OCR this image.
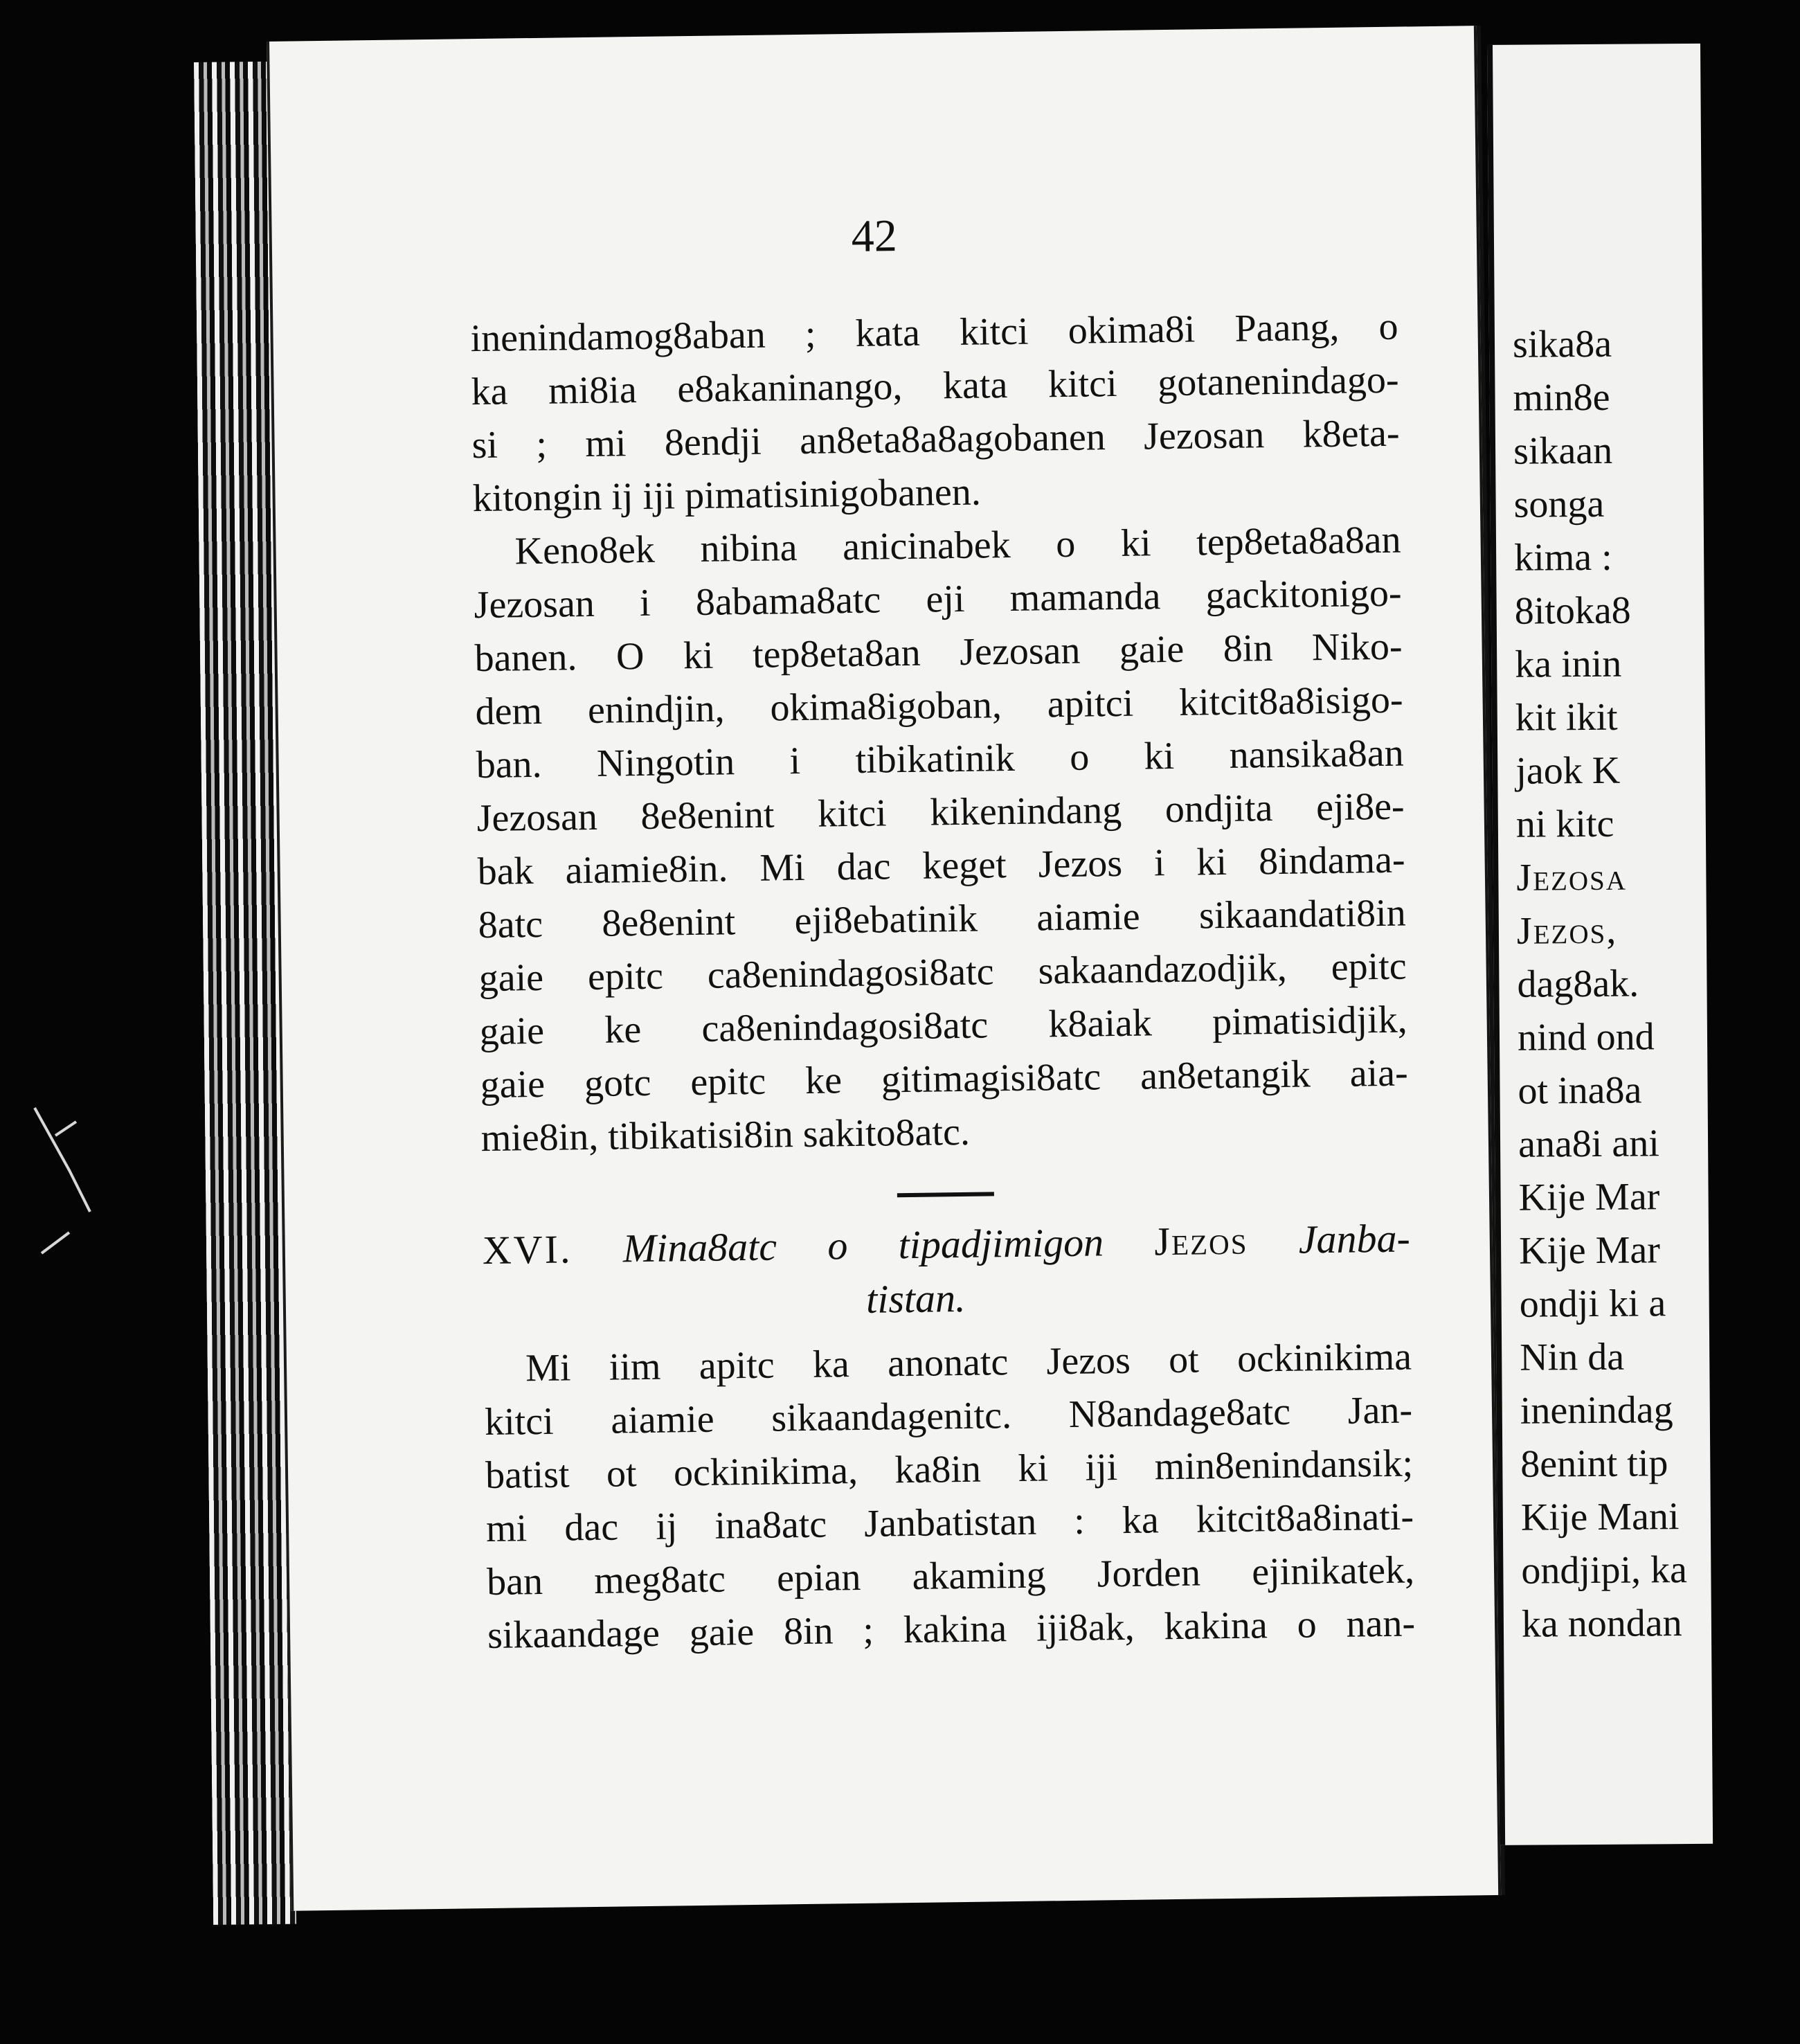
42

inenindamog8aban ; kata kitci okima8i Paang, o
ka mi8ia e8akaninango, kata kitci gotanenindago-
si ; mi 8endji an8eta8a8agobanen Jezosan k8eta-
kitongin ij iji pimatisinigobanen.

Keno8ek nibina anicinabek o ki tep8eta8a8an
Jezosan i 8abama8atc eji mamanda gackitonigo-
banen. O ki tep8eta8an Jezosan gaie 8in Niko-
dem enindjin, okima8igoban, apitci kitcit8a8isigo-
ban. Ningotin i tibikatinik o ki nansika8an
Jezosan 8e8enint kitci kikenindang ondjita eji8e-
bak aiamie8in. Mi dac keget Jezos i ki 8indama-
8atc 8e8enint eji8ebatinik aiamie sikaandati8in
gaie epitc ca8enindagosi8atc sakaandazodjik, epitc
gaie ke ca8enindagosi8atc k8aiak pimatisidjik,
gaie gotc epitc ke gitimagisi8atc an8etangik aia-
mie8in, tibikatisi8in sakito8atc.

XVI. Mina8atc o tipadjimigon Jezos Janba-
tistan.

Mi iim apitc ka anonatc Jezos ot ockinikima
kitci aiamie sikaandagenitc. N8andage8atc Jan-
batist ot ockinikima, ka8in ki iji min8enindansik;
mi dac ij ina8atc Janbatistan : ka kitcit8a8inati-
ban meg8atc epian akaming Jorden ejinikatek,
sikaandage gaie 8in ; kakina iji8ak, kakina o nan-

sika8a
min8e
sikaan
songa
kima :
8itoka8
ka inin
kit ikit
jaok K
ni kitc
Jezosa
Jezos,
dag8ak.
nind ond
ot ina8a
ana8i ani
Kije Mar
Kije Mar
ondji ki a
Nin da
inenindag
8enint tip
Kije Mani
ondjipi, ka
ka nondan
